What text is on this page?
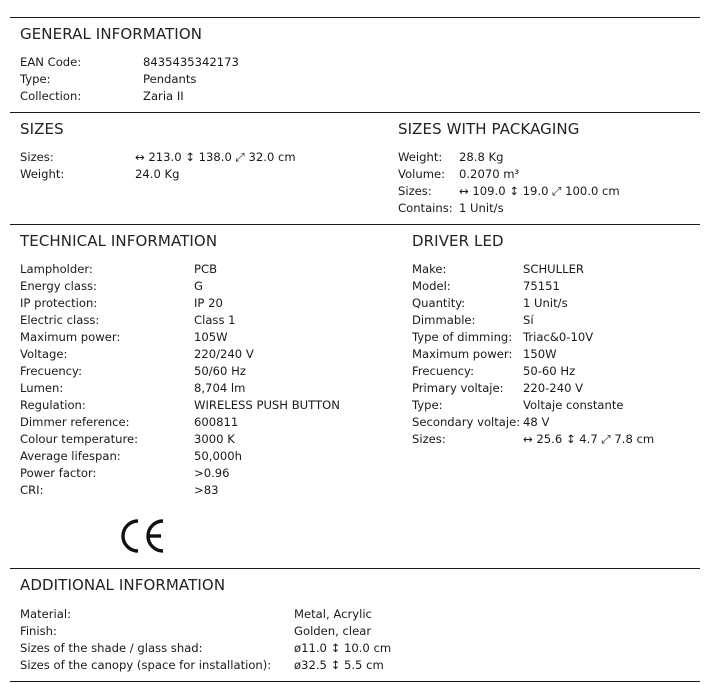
GENERAL INFORMATION
EAN Code:	8435435342173
Type:	Pendants
Collection:	Zaria II
SIZES
Sizes:	↔ 213.0 ↕ 138.0 ⤢ 32.0 cm
Weight:	24.0 Kg
SIZES WITH PACKAGING
Weight:	28.8 Kg
Volume:	0.2070 m³
Sizes:	↔ 109.0 ↕ 19.0 ⤢ 100.0 cm
Contains: 1 Unit/s
TECHNICAL INFORMATION
Lampholder:	PCB
Energy class:	G
IP protection:	IP 20
Electric class:	Class 1
Maximum power:	105W
Voltage:	220/240 V
Frecuency:	50/60 Hz
Lumen:	8,704 lm
Regulation:	WIRELESS PUSH BUTTON
Dimmer reference:	600811
Colour temperature:	3000 K
Average lifespan:	50,000h
Power factor:	>0.96
CRI:	>83
DRIVER LED
Make:	SCHULLER
Model:	75151
Quantity:	1 Unit/s
Dimmable:	Sí
Type of dimming: Triac&0-10V
Maximum power: 150W
Frecuency:	50-60 Hz
Primary voltaje:	220-240 V
Type:	Voltaje constante
Secondary voltaje: 48 V
Sizes:	↔ 25.6 ↕ 4.7 ⤢ 7.8 cm
ADDITIONAL INFORMATION
Material:	Metal, Acrylic
Finish:	Golden, clear
Sizes of the shade / glass shad:	ø11.0 ↕ 10.0 cm
Sizes of the canopy (space for installation):	ø32.5 ↕ 5.5 cm
